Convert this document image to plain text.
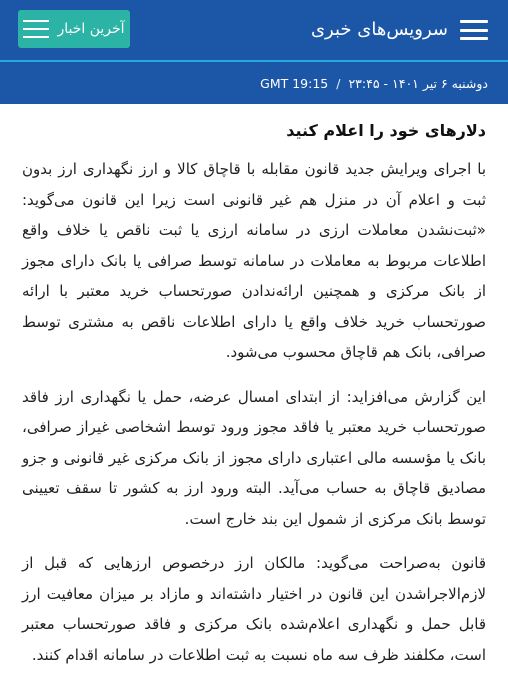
سرویس‌های خبری
آخرین اخبار
دوشنبه ۶ تیر ۱۴۰۱ - ۲۳:۴۵
/
GMT 19:15
دلارهای خود را اعلام کنید

با اجرای ویرایش جدید قانون مقابله با قاچاق کالا و ارز نگهداری ارز بدون ثبت و اعلام آن در منزل هم غیر قانونی است زیرا این قانون می‌گوید: «ثبت‌نشدن معاملات ارزی در سامانه ارزی یا ثبت ناقص یا خلاف واقع اطلاعات مربوط به معاملات در سامانه توسط صرافی یا بانک دارای مجوز از بانک مرکزی و همچنین ارائه‌ندادن صورتحساب خرید معتبر با ارائه صورتحساب خرید خلاف واقع یا دارای اطلاعات ناقص به مشتری توسط صرافی، بانک هم قاچاق محسوب می‌شود.

این گزارش می‌افزاید: از ابتدای امسال عرضه، حمل یا نگهداری ارز فاقد صورتحساب خرید معتبر یا فاقد مجوز ورود توسط اشخاصی غیراز صرافی، بانک یا مؤسسه مالی اعتباری دارای مجوز از بانک مرکزی غیر قانونی و جزو مصادیق قاچاق به حساب می‌آید. البته ورود ارز به کشور تا سقف تعیینی توسط بانک مرکزی از شمول این بند خارج است.

قانون به‌صراحت می‌گوید: مالکان ارز درخصوص ارزهایی که قبل از لازم‌الاجراشدن این قانون در اختیار داشته‌اند و مازاد بر میزان معافیت ارز قابل حمل و نگهداری اعلام‌شده بانک مرکزی و فاقد صورتحساب معتبر است، مکلفند ظرف سه ماه نسبت به ثبت اطلاعات در سامانه اقدام کنند.
